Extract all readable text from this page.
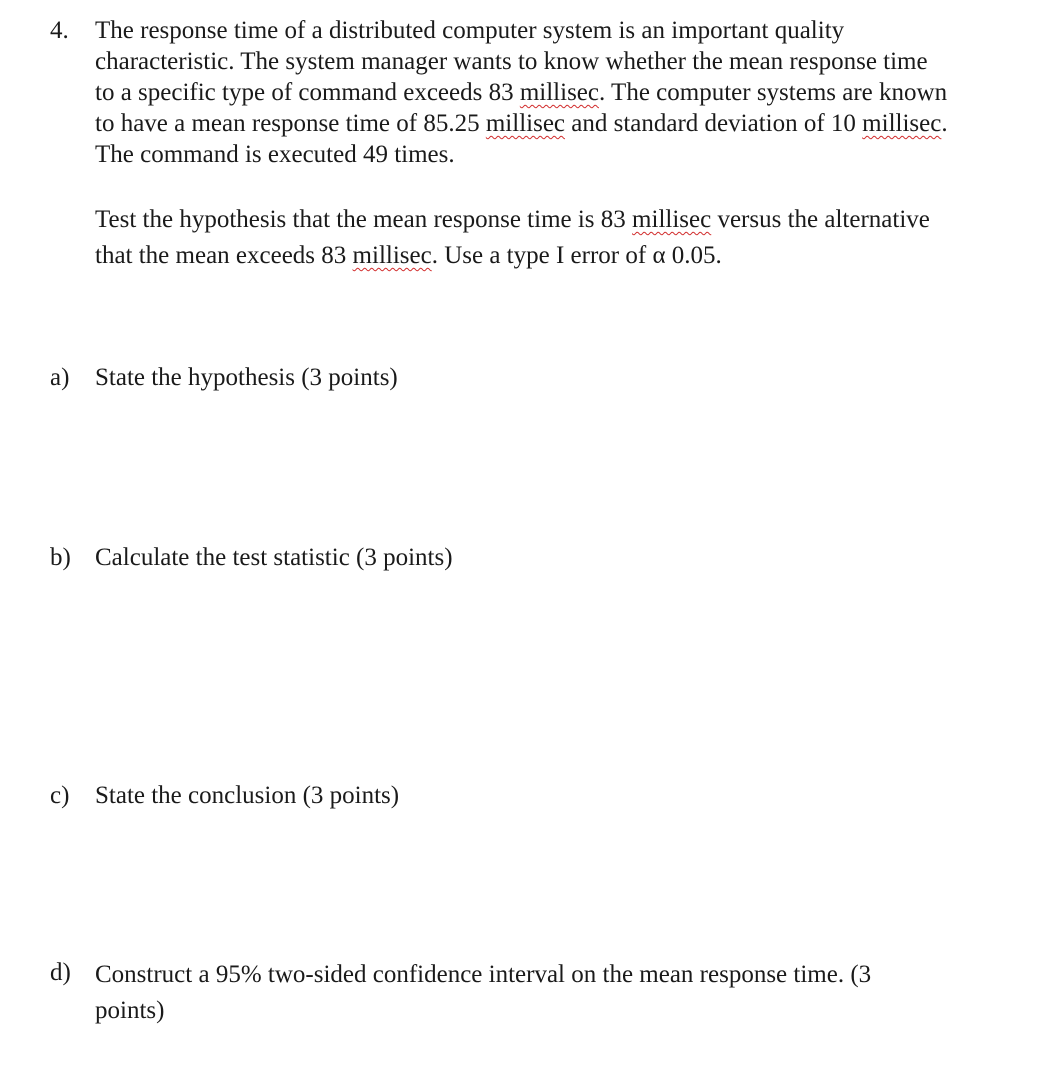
4. The response time of a distributed computer system is an important quality
characteristic. The system manager wants to know whether the mean response time
to a specific type of command exceeds 83 millisec. The computer systems are known
to have a mean response time of 85.25 millisec and standard deviation of 10 millisec.
The command is executed 49 times.
Test the hypothesis that the mean response time is 83 millisec versus the alternative
that the mean exceeds 83 millisec. Use a type I error of α 0.05.
a) State the hypothesis (3 points)
b) Calculate the test statistic (3 points)
c) State the conclusion (3 points)
d) Construct a 95% two-sided confidence interval on the mean response time. (3
points)
